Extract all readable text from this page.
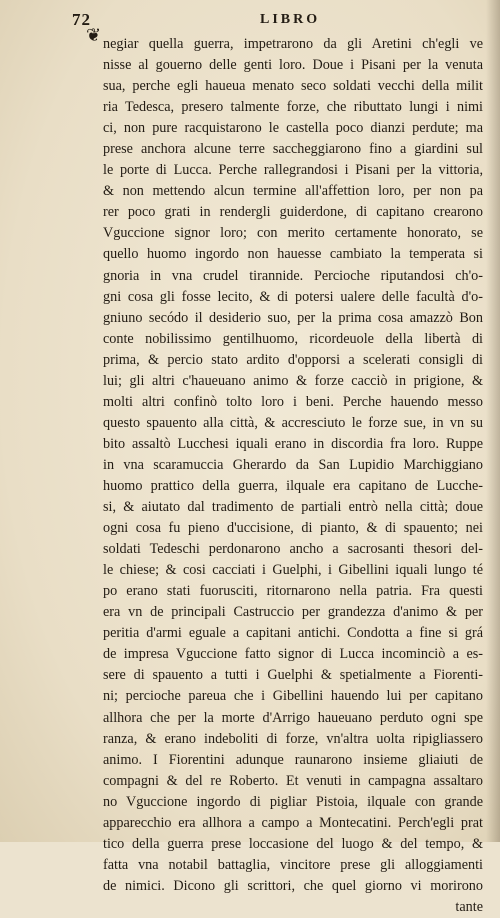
72	LIBRO
❦ negiar quella guerra, impetrarono da gli Aretini ch'egli ve
nisse al gouerno delle genti loro. Doue i Pisani per la venuta
sua, perche egli haueua menato seco soldati vecchi della milit
ria Tedesca, presero talmente forze, che ributtato lungi i nimi
ci, non pure racquistarono le castella poco dianzi perdute; ma
prese anchora alcune terre saccheggiarono fino a giardini sul
le porte di Lucca. Perche rallegrandosi i Pisani per la vittoria,
& non mettendo alcun termine all'affettion loro, per non pa
rer poco grati in rendergli guiderdone, di capitano crearono
Vguccione signor loro; con merito certamente honorato, se
quello huomo ingordo non hauesse cambiato la temperata si
gnoria in vna crudel tirannide. Percioche riputandosi ch'o-
gni cosa gli fosse lecito, & di potersi ualere delle facultà d'o-
gniuno secódo il desiderio suo, per la prima cosa amazzò Bon
conte nobilissimo gentilhuomo, ricordeuole della libertà di
prima, & percio stato ardito d'opporsi a scelerati consigli di
lui; gli altri c'haueuano animo & forze cacciò in prigione, &
molti altri confinò tolto loro i beni. Perche hauendo messo
questo spauento alla città, & accresciuto le forze sue, in vn su
bito assaltò Lucchesi iquali erano in discordia fra loro. Ruppe
in vna scaramuccia Gherardo da San Lupidio Marchiggiano
huomo prattico della guerra, ilquale era capitano de Lucche-
si, & aiutato dal tradimento de partiali entrò nella città; doue
ogni cosa fu pieno d'uccisione, di pianto, & di spauento; nei
soldati Tedeschi perdonarono ancho a sacrosanti thesori del-
le chiese; & cosi cacciati i Guelphi, i Gibellini iquali lungo té
po erano stati fuorusciti, ritornarono nella patria. Fra questi
era vn de principali Castruccio per grandezza d'animo & per
peritia d'armi eguale a capitani antichi. Condotta a fine si grá
de impresa Vguccione fatto signor di Lucca incominciò a es-
sere di spauento a tutti i Guelphi & spetialmente a Fiorenti-
ni; percioche pareua che i Gibellini hauendo lui per capitano
allhora che per la morte d'Arrigo haueuano perduto ogni spe
ranza, & erano indeboliti di forze, vn'altra uolta ripigliassero
animo. I Fiorentini adunque raunarono insieme gliaiuti de
compagni & del re Roberto. Et venuti in campagna assaltaro
no Vguccione ingordo di pigliar Pistoia, ilquale con grande
apparecchio era allhora a campo a Montecatini. Perch'egli prat
tico della guerra prese loccasione del luogo & del tempo, &
fatta vna notabil battaglia, vincitore prese gli alloggiamenti
de nimici. Dicono gli scrittori, che quel giorno vi morirono
tante
